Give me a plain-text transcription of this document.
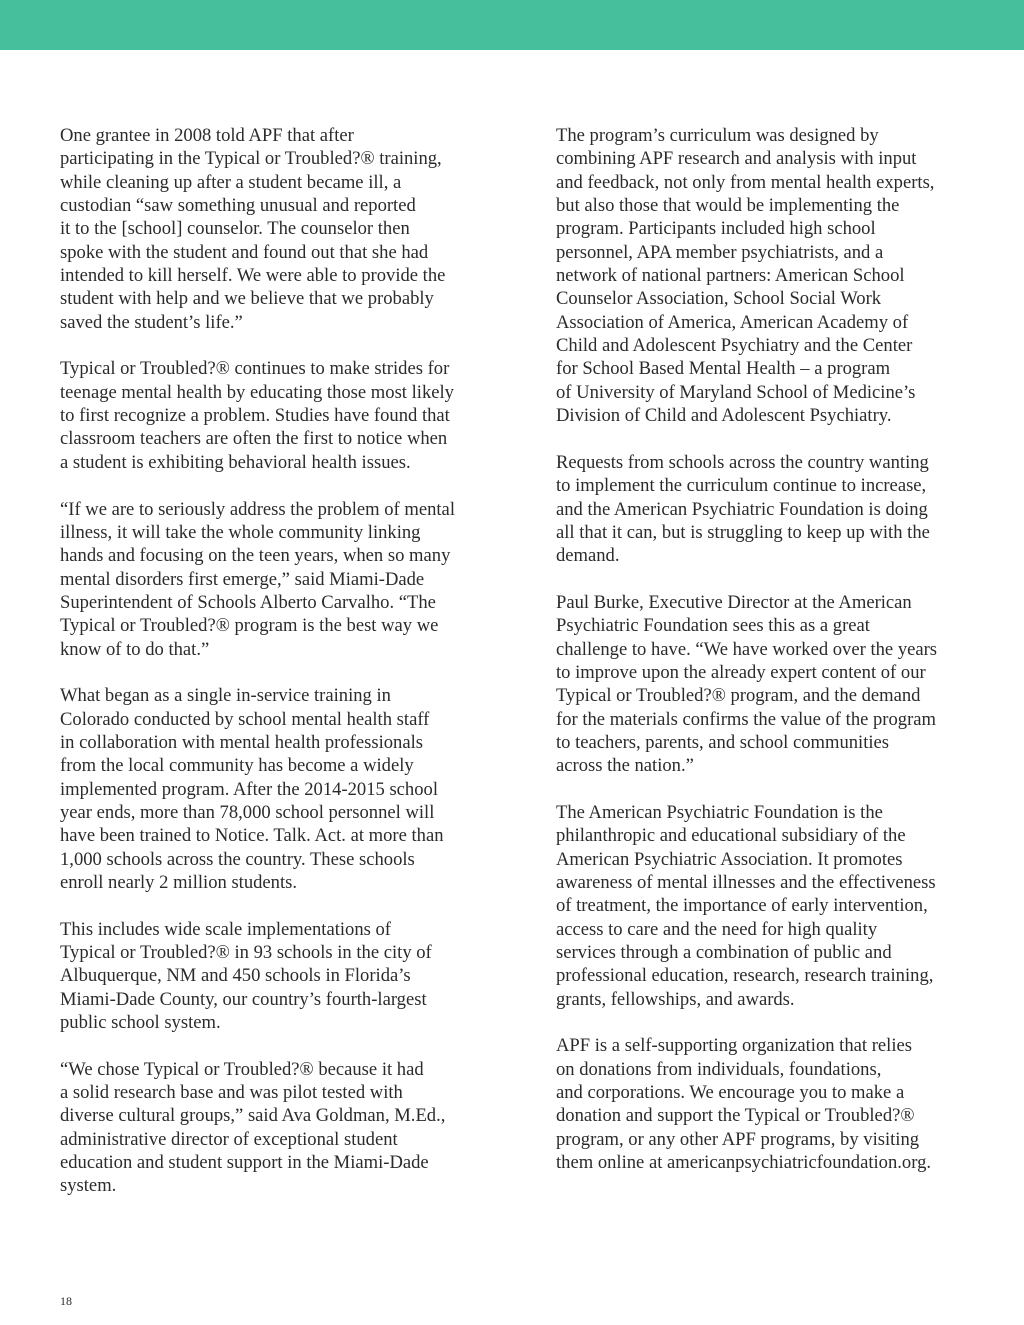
One grantee in 2008 told APF that after
participating in the Typical or Troubled?® training,
while cleaning up after a student became ill, a
custodian “saw something unusual and reported
it to the [school] counselor. The counselor then
spoke with the student and found out that she had
intended to kill herself. We were able to provide the
student with help and we believe that we probably
saved the student’s life.”

Typical or Troubled?® continues to make strides for
teenage mental health by educating those most likely
to first recognize a problem. Studies have found that
classroom teachers are often the first to notice when
a student is exhibiting behavioral health issues.

“If we are to seriously address the problem of mental
illness, it will take the whole community linking
hands and focusing on the teen years, when so many
mental disorders first emerge,” said Miami-Dade
Superintendent of Schools Alberto Carvalho. “The
Typical or Troubled?® program is the best way we
know of to do that.”

What began as a single in-service training in
Colorado conducted by school mental health staff
in collaboration with mental health professionals
from the local community has become a widely
implemented program. After the 2014-2015 school
year ends, more than 78,000 school personnel will
have been trained to Notice. Talk. Act. at more than
1,000 schools across the country. These schools
enroll nearly 2 million students.

This includes wide scale implementations of
Typical or Troubled?® in 93 schools in the city of
Albuquerque, NM and 450 schools in Florida’s
Miami-Dade County, our country’s fourth-largest
public school system.

“We chose Typical or Troubled?® because it had
a solid research base and was pilot tested with
diverse cultural groups,” said Ava Goldman, M.Ed.,
administrative director of exceptional student
education and student support in the Miami-Dade
system.

The program’s curriculum was designed by
combining APF research and analysis with input
and feedback, not only from mental health experts,
but also those that would be implementing the
program. Participants included high school
personnel, APA member psychiatrists, and a
network of national partners: American School
Counselor Association, School Social Work
Association of America, American Academy of
Child and Adolescent Psychiatry and the Center
for School Based Mental Health – a program
of University of Maryland School of Medicine’s
Division of Child and Adolescent Psychiatry.

Requests from schools across the country wanting
to implement the curriculum continue to increase,
and the American Psychiatric Foundation is doing
all that it can, but is struggling to keep up with the
demand.

Paul Burke, Executive Director at the American
Psychiatric Foundation sees this as a great
challenge to have. “We have worked over the years
to improve upon the already expert content of our
Typical or Troubled?® program, and the demand
for the materials confirms the value of the program
to teachers, parents, and school communities
across the nation.”

The American Psychiatric Foundation is the
philanthropic and educational subsidiary of the
American Psychiatric Association. It promotes
awareness of mental illnesses and the effectiveness
of treatment, the importance of early intervention,
access to care and the need for high quality
services through a combination of public and
professional education, research, research training,
grants, fellowships, and awards.

APF is a self-supporting organization that relies
on donations from individuals, foundations,
and corporations. We encourage you to make a
donation and support the Typical or Troubled?®
program, or any other APF programs, by visiting
them online at americanpsychiatricfoundation.org.

18
